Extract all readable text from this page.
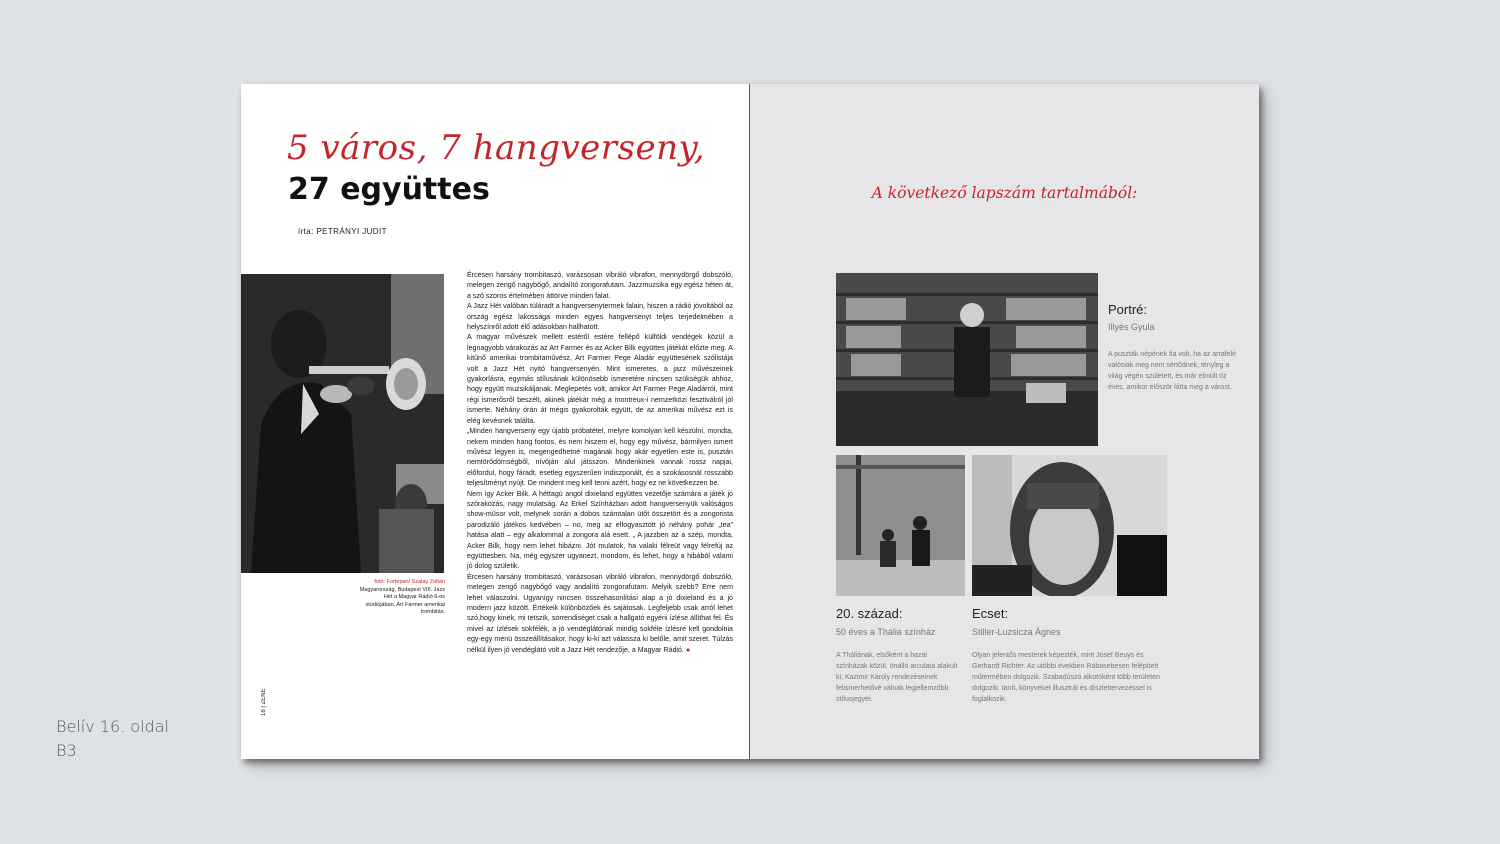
Belív 16. oldal
B3
5 város, 7 hangverseny,
27 együttes
írta: PETRÁNYI JUDIT
fotó: Fortepan/ Szalay Zoltán
Magyarország, Budapest VIII. Jazz Hét a Magyar Rádió 6-os stúdiójában, Art Farmer amerikai trombitás.
18 | ZENE

Ércesen harsány trombitaszó, varázsosan vibráló vibrafon, mennydörgő dobszóló, melegen zengő nagybőgő, andalító zongorafutam. Jazzmuzsika egy egész héten át, a szó szoros értelmében áttörve minden falat.

A Jazz Hét valóban túláradt a hangversenytermek falain, hiszen a rádió jóvoltából az ország egész lakossága minden egyes hangversenyt teljes terjedelmében a helyszínről adott élő adásokban hallhatott.

A magyar művészek mellett estéről estére fellépő külföldi vendégek közül a legnagyobb várakozás az Art Farmer és az Acker Bilk együttes játékát előzte meg. A kitűnő amerikai trombitaművész, Art Farmer Pege Aladár együttesének szólistája volt a Jazz Hét nyitó hangversenyén. Mint ismeretes, a jazz művészeinek gyakorlásra, egymás stílusának különösebb ismeretére nincsen szükségük ahhoz, hogy együtt muzsikáljanak. Meglepetés volt, amikor Art Farmer Pege Aladárról, mint régi ismerősről beszélt, akinek játékát még a montreux-i nemzetközi fesztiválról jól ismerte. Néhány órán át mégis gyakorolták együtt, de az amerikai művész ezt is elég kevésnek találta.

„Minden hangverseny egy újabb próbatétel, melyre komolyan kell készülni, mondta, nekem minden hang fontos, és nem hiszem el, hogy egy művész, bármilyen ismert művész legyen is, megengedhetné magának hogy akár egyetlen este is, pusztán nemtörődömségből, nívóján alul játsszon. Mindenkinek vannak rossz napjai, előfordul, hogy fáradt, esetleg egyszerűen indiszponált, és a szokásosnál rosszabb teljesítményt nyújt. De mindent meg kell tenni azért, hogy ez ne következzen be.

Nem így Acker Bilk. A héttagú angol dixieland együttes vezetője számára a játék jó szórakozás, nagy mulatság. Az Erkel Színházban adott hangversenyük valóságos show-műsor volt, melynek során a dobos számtalan ütőt összetört és a zongorista parodizáló játékos kedvében – no, meg az elfogyasztott jó néhány pohár „tea” hatása alatt – egy alkalommal a zongora alá esett. „ A jazzben az a szép, mondta, Acker Bilk, hogy nem lehet hibázni. Jót mulatok, ha valaki félreüt vagy félrefúj az együttesben. Na, még egyszer ugyanezt, mondom, és lehet, hogy a hibából valami jó dolog születik.

Ércesen harsány trombitaszó, varázsosan vibráló vibrafon, mennydörgő dobszóló, melegen zengő nagybőgő vagy andalító zongorafutam. Melyik szebb? Erre nem lehet válaszolni. Ugyanígy nincsen összehasonlítási alap a jó dixieland és a jó modern jazz között. Értékeik különbözőek és sajátosak. Legfeljebb csak arról lehet szó,hogy kinek, mi tetszik, sorrendiséget csak a hallgató egyéni ízlése állíthat fel. És mivel az ízlések sokfélék, a jó vendéglátónak mindig sokféle ízlésre kell gondolnia egy-egy menü összeállításakor, hogy ki-ki azt válassza ki belőle, amit szeret. Túlzás nélkül ilyen jó vendéglátó volt a Jazz Hét rendezője, a Magyar Rádió. ●

A következő lapszám tartalmából:
Portré:
Illyés Gyula
A puszták népének fia volt, ha az arrafelé valósiak meg nem sértődnek, tényleg a világ végén született, és már elmúlt tíz éves, amikor először látta meg a várost.
20. század:
50 éves a Thália színház
A Tháliának, elsőként a hazai színházak közül, önálló arculata alakult ki; Kazimir Károly rendezéseinek felismerhetővé válnak legjellemzőbb stílusjegyei.
Ecset:
Stiller-Luzsicza Ágnes
Olyan jelentős mesterek képezték, mint Josef Beuys és Gerhardt Richter. Az utóbbi években Rábasebesen felépített műtermében dolgozik. Szabadúszó alkotóként több területen dolgozik: tanít, könyveket illusztrál és díszlettervezéssel is foglalkozik.
